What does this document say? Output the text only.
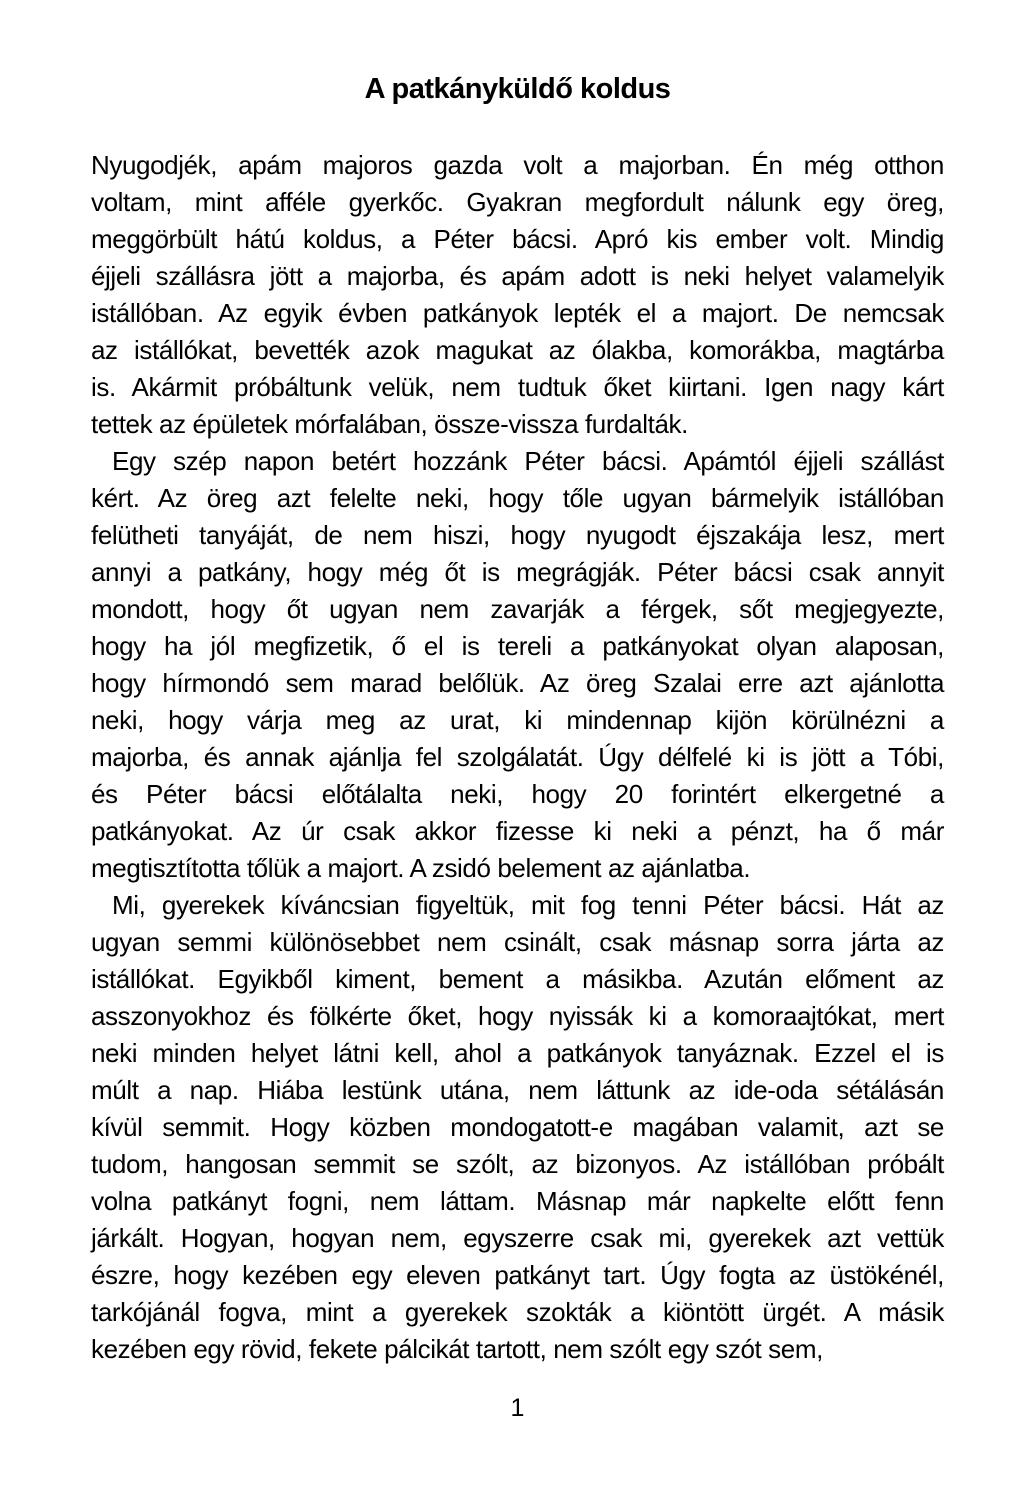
A patkányküldő koldus
Nyugodjék, apám majoros gazda volt a majorban. Én még otthon
voltam, mint afféle gyerkőc. Gyakran megfordult nálunk egy öreg,
meggörbült hátú koldus, a Péter bácsi. Apró kis ember volt. Mindig
éjjeli szállásra jött a majorba, és apám adott is neki helyet valamelyik
istállóban. Az egyik évben patkányok lepték el a majort. De nemcsak
az istállókat, bevették azok magukat az ólakba, komorákba, magtárba
is. Akármit próbáltunk velük, nem tudtuk őket kiirtani. Igen nagy kárt
tettek az épületek mórfalában, össze-vissza furdalták.
Egy szép napon betért hozzánk Péter bácsi. Apámtól éjjeli szállást
kért. Az öreg azt felelte neki, hogy tőle ugyan bármelyik istállóban
felütheti tanyáját, de nem hiszi, hogy nyugodt éjszakája lesz, mert
annyi a patkány, hogy még őt is megrágják. Péter bácsi csak annyit
mondott, hogy őt ugyan nem zavarják a férgek, sőt megjegyezte,
hogy ha jól megfizetik, ő el is tereli a patkányokat olyan alaposan,
hogy hírmondó sem marad belőlük. Az öreg Szalai erre azt ajánlotta
neki, hogy várja meg az urat, ki mindennap kijön körülnézni a
majorba, és annak ajánlja fel szolgálatát. Úgy délfelé ki is jött a Tóbi,
és Péter bácsi előtálalta neki, hogy 20 forintért elkergetné a
patkányokat. Az úr csak akkor fizesse ki neki a pénzt, ha ő már
megtisztította tőlük a majort. A zsidó belement az ajánlatba.
Mi, gyerekek kíváncsian figyeltük, mit fog tenni Péter bácsi. Hát az
ugyan semmi különösebbet nem csinált, csak másnap sorra járta az
istállókat. Egyikből kiment, bement a másikba. Azután előment az
asszonyokhoz és fölkérte őket, hogy nyissák ki a komoraajtókat, mert
neki minden helyet látni kell, ahol a patkányok tanyáznak. Ezzel el is
múlt a nap. Hiába lestünk utána, nem láttunk az ide-oda sétálásán
kívül semmit. Hogy közben mondogatott-e magában valamit, azt se
tudom, hangosan semmit se szólt, az bizonyos. Az istállóban próbált
volna patkányt fogni, nem láttam. Másnap már napkelte előtt fenn
járkált. Hogyan, hogyan nem, egyszerre csak mi, gyerekek azt vettük
észre, hogy kezében egy eleven patkányt tart. Úgy fogta az üstökénél,
tarkójánál fogva, mint a gyerekek szokták a kiöntött ürgét. A másik
kezében egy rövid, fekete pálcikát tartott, nem szólt egy szót sem,
1
